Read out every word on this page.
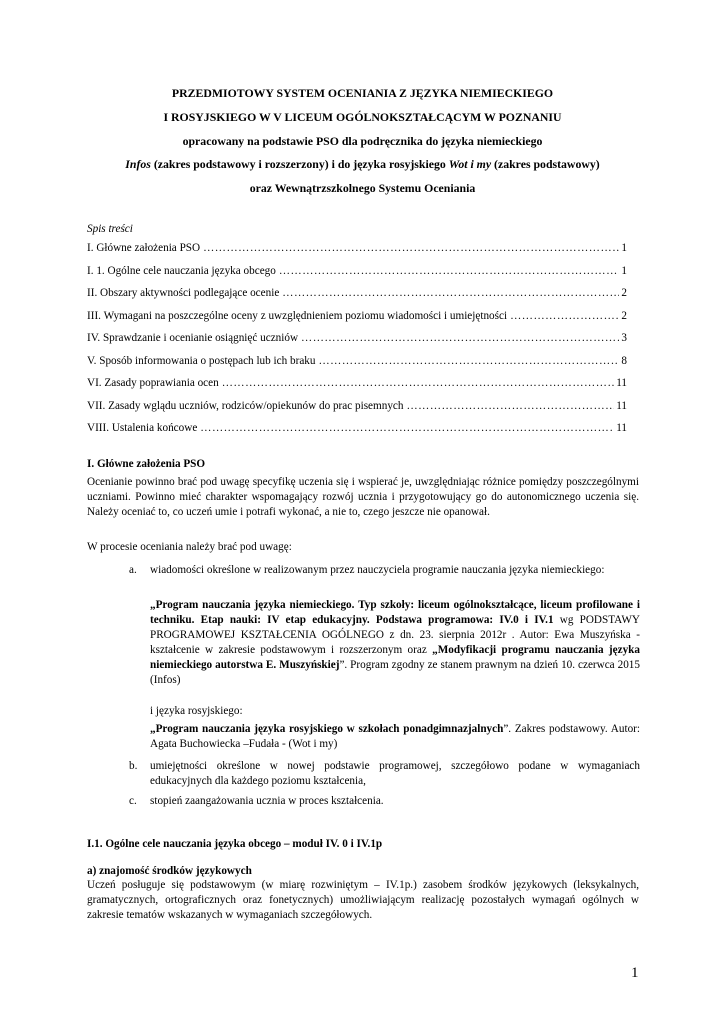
PRZEDMIOTOWY SYSTEM OCENIANIA Z JĘZYKA NIEMIECKIEGO
I ROSYJSKIEGO W V LICEUM OGÓLNOKSZTAŁCĄCYM W POZNANIU
opracowany na podstawie PSO dla podręcznika do języka niemieckiego
Infos (zakres podstawowy i rozszerzony) i do języka rosyjskiego Wot i my (zakres podstawowy)
oraz Wewnątrzszkolnego Systemu Oceniania
Spis treści
I. Główne założenia PSO ……………………………………………………………………………………………………………………………………………………………	1
I. 1. Ogólne cele nauczania języka obcego ……………………………………………………………………………………………………………………………………………………………	1
II. Obszary aktywności podlegające ocenie ……………………………………………………………………………………………………………………………………………………………	2
III. Wymagani na poszczególne oceny z uwzględnieniem poziomu wiadomości i umiejętności ……………………………………………………………………………………………………………………………………………………………	2
IV. Sprawdzanie i ocenianie osiągnięć uczniów ……………………………………………………………………………………………………………………………………………………………	3
V. Sposób informowania o postępach lub ich braku ……………………………………………………………………………………………………………………………………………………………	8
VI. Zasady poprawiania ocen ……………………………………………………………………………………………………………………………………………………………	11
VII. Zasady wglądu uczniów, rodziców/opiekunów do prac pisemnych ……………………………………………………………………………………………………………………………………………………………	11
VIII. Ustalenia końcowe ……………………………………………………………………………………………………………………………………………………………	11
I. Główne założenia PSO
Ocenianie powinno brać pod uwagę specyfikę uczenia się i wspierać je, uwzględniając różnice pomiędzy poszczególnymi uczniami. Powinno mieć charakter wspomagający rozwój ucznia i przygotowujący go do autonomicznego uczenia się. Należy oceniać to, co uczeń umie i potrafi wykonać, a nie to, czego jeszcze nie opanował.
W procesie oceniania należy brać pod uwagę:
a.	wiadomości określone w realizowanym przez nauczyciela programie nauczania języka niemieckiego:
„Program nauczania języka niemieckiego. Typ szkoły: liceum ogólnokształcące, liceum profilowane i techniku. Etap nauki: IV etap edukacyjny. Podstawa programowa: IV.0 i IV.1 wg PODSTAWY PROGRAMOWEJ KSZTAŁCENIA OGÓLNEGO z dn. 23. sierpnia 2012r . Autor: Ewa Muszyńska - kształcenie w zakresie podstawowym i rozszerzonym oraz „Modyfikacji programu nauczania języka niemieckiego autorstwa E. Muszyńskiej”. Program zgodny ze stanem prawnym na dzień 10. czerwca 2015 (Infos)
i języka rosyjskiego:
„Program nauczania języka rosyjskiego w szkołach ponadgimnazjalnych”. Zakres podstawowy. Autor: Agata Buchowiecka –Fudała - (Wot i my)
b.	umiejętności określone w nowej podstawie programowej, szczegółowo podane w wymaganiach edukacyjnych dla każdego poziomu kształcenia,
c.	stopień zaangażowania ucznia w proces kształcenia.
I.1. Ogólne cele nauczania języka obcego – moduł IV. 0 i IV.1p
a) znajomość środków językowych
Uczeń posługuje się podstawowym (w miarę rozwiniętym – IV.1p.) zasobem środków językowych (leksykalnych, gramatycznych, ortograficznych oraz fonetycznych) umożliwiającym realizację pozostałych wymagań ogólnych w zakresie tematów wskazanych w wymaganiach szczegółowych.
1
